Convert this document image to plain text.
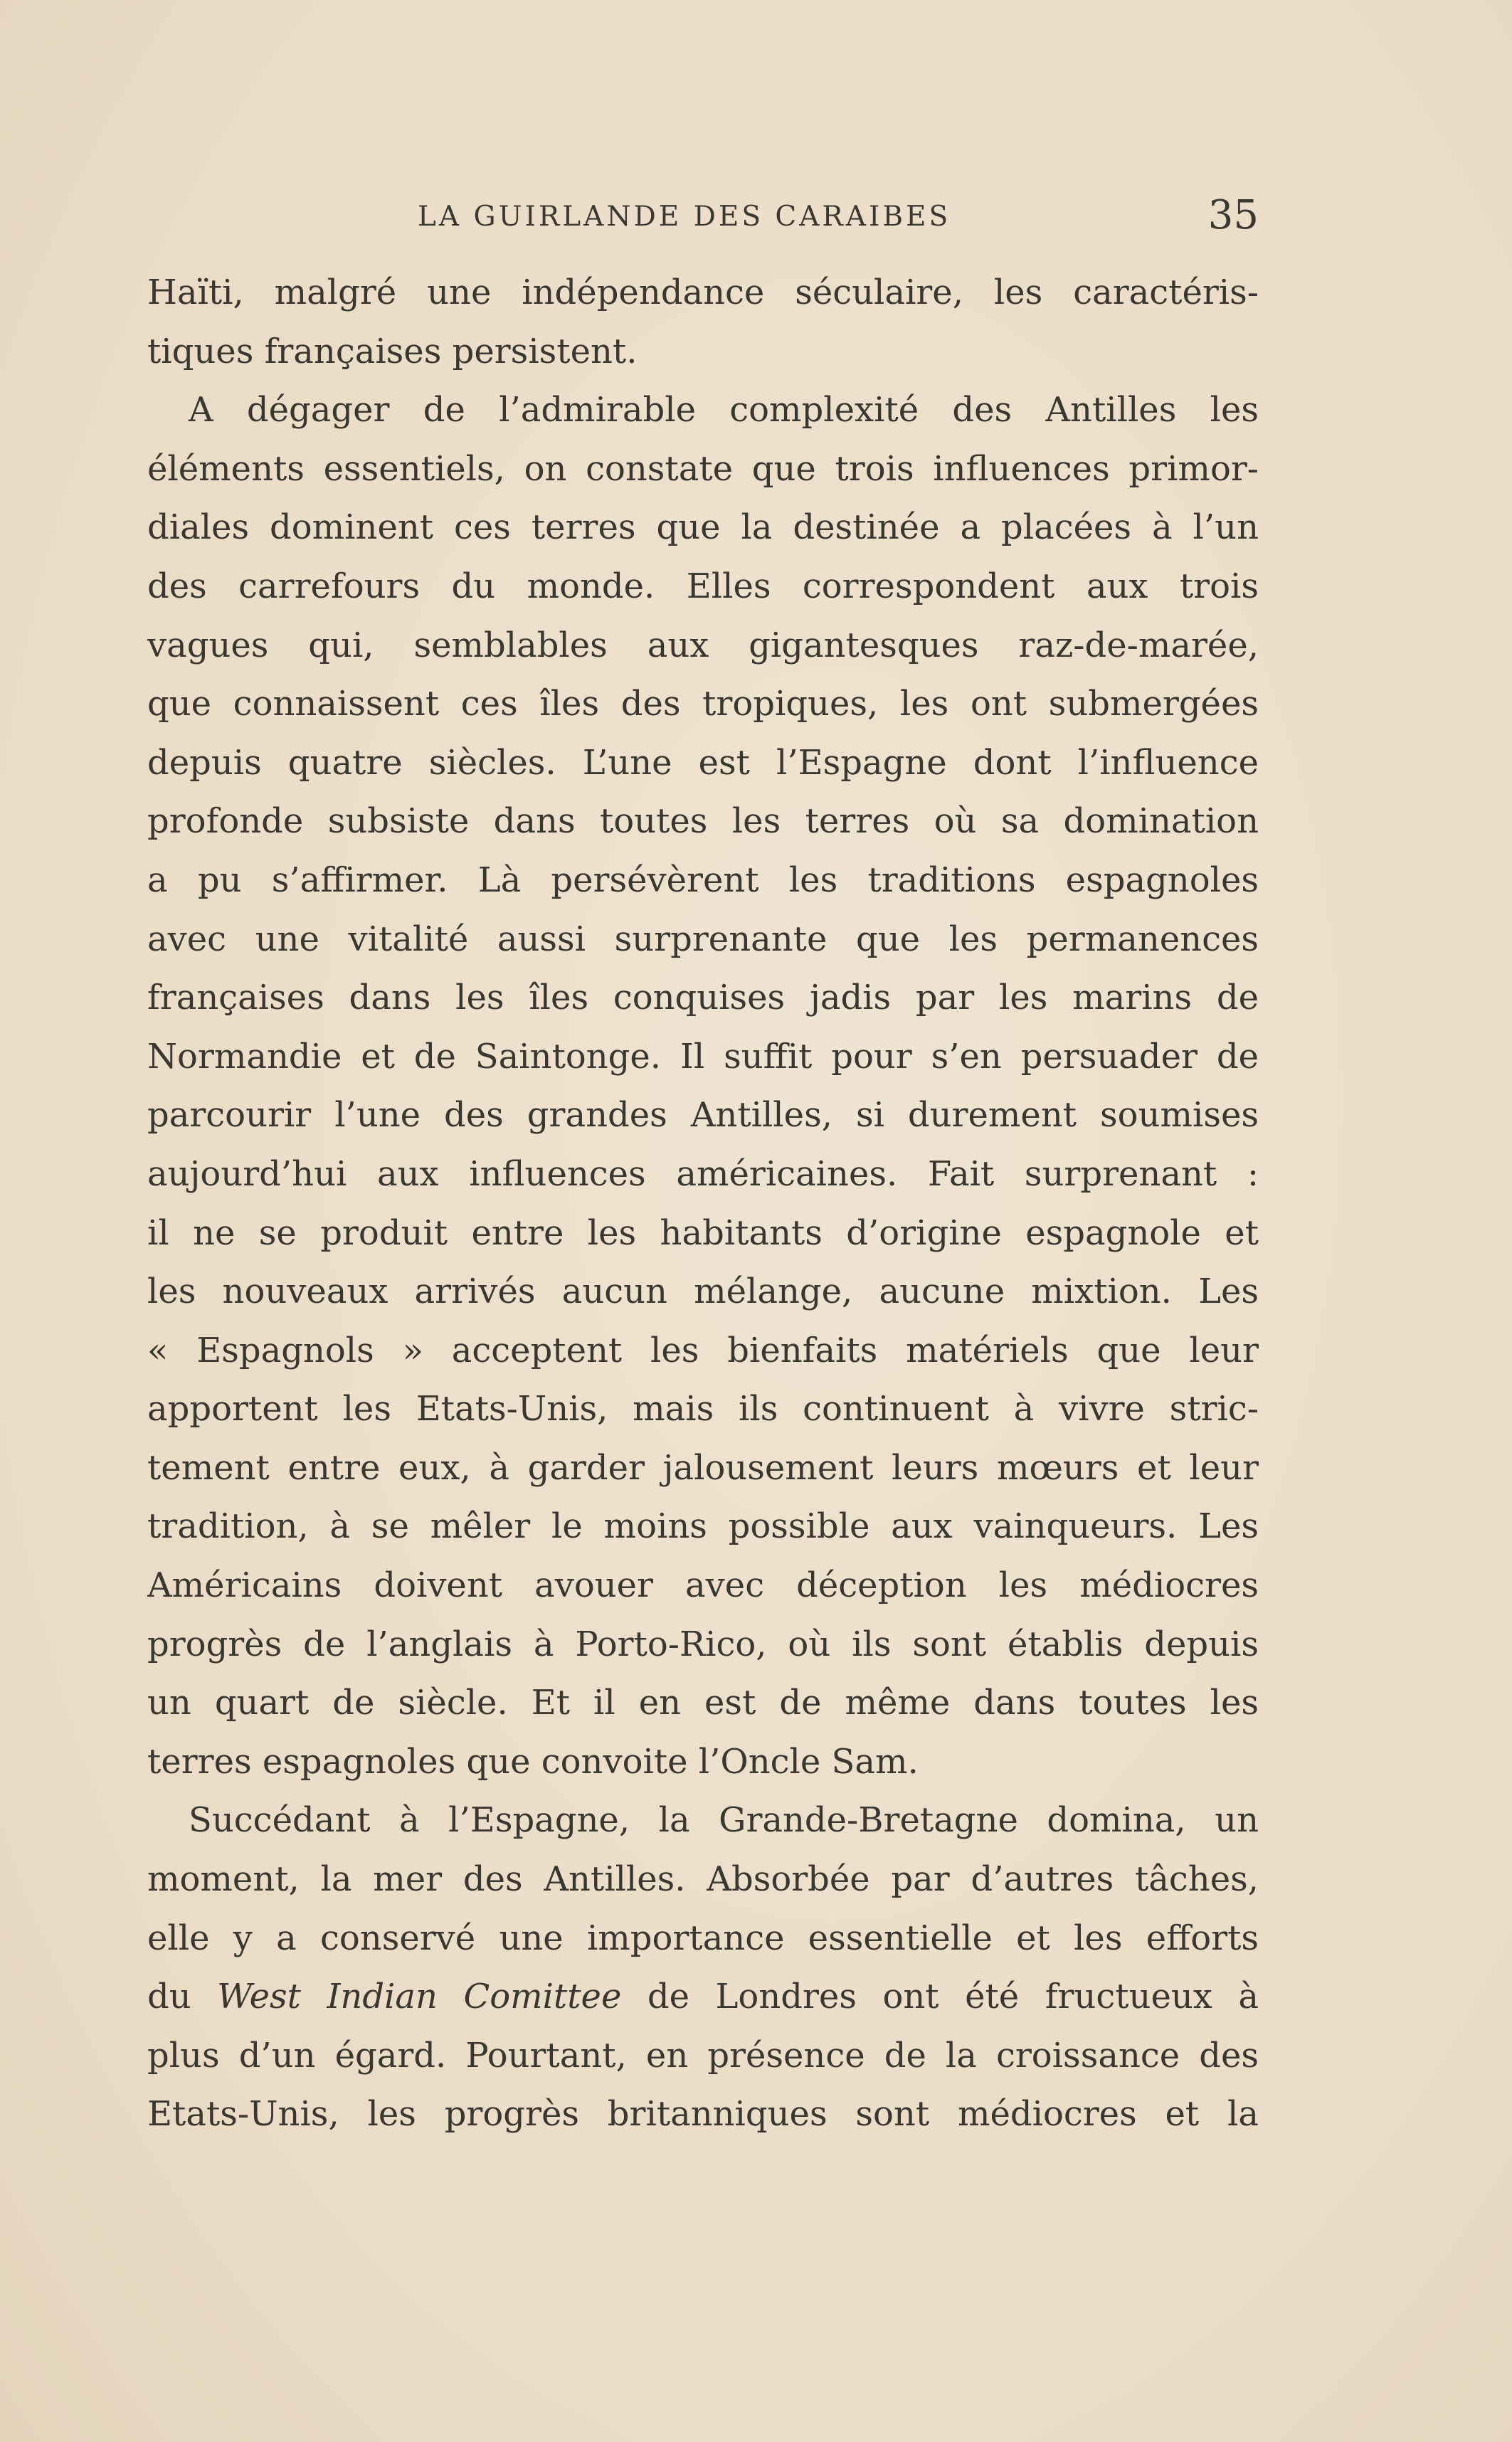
LA GUIRLANDE DES CARAIBES	35
Haïti, malgré une indépendance séculaire, les caractéris-
tiques françaises persistent.
A dégager de l’admirable complexité des Antilles les
éléments essentiels, on constate que trois influences primor-
diales dominent ces terres que la destinée a placées à l’un
des carrefours du monde. Elles correspondent aux trois
vagues qui, semblables aux gigantesques raz-de-marée,
que connaissent ces îles des tropiques, les ont submergées
depuis quatre siècles. L’une est l’Espagne dont l’influence
profonde subsiste dans toutes les terres où sa domination
a pu s’affirmer. Là persévèrent les traditions espagnoles
avec une vitalité aussi surprenante que les permanences
françaises dans les îles conquises jadis par les marins de
Normandie et de Saintonge. Il suffit pour s’en persuader de
parcourir l’une des grandes Antilles, si durement soumises
aujourd’hui aux influences américaines. Fait surprenant :
il ne se produit entre les habitants d’origine espagnole et
les nouveaux arrivés aucun mélange, aucune mixtion. Les
« Espagnols » acceptent les bienfaits matériels que leur
apportent les Etats-Unis, mais ils continuent à vivre stric-
tement entre eux, à garder jalousement leurs mœurs et leur
tradition, à se mêler le moins possible aux vainqueurs. Les
Américains doivent avouer avec déception les médiocres
progrès de l’anglais à Porto-Rico, où ils sont établis depuis
un quart de siècle. Et il en est de même dans toutes les
terres espagnoles que convoite l’Oncle Sam.
Succédant à l’Espagne, la Grande-Bretagne domina, un
moment, la mer des Antilles. Absorbée par d’autres tâches,
elle y a conservé une importance essentielle et les efforts
du West Indian Comittee de Londres ont été fructueux à
plus d’un égard. Pourtant, en présence de la croissance des
Etats-Unis, les progrès britanniques sont médiocres et la
